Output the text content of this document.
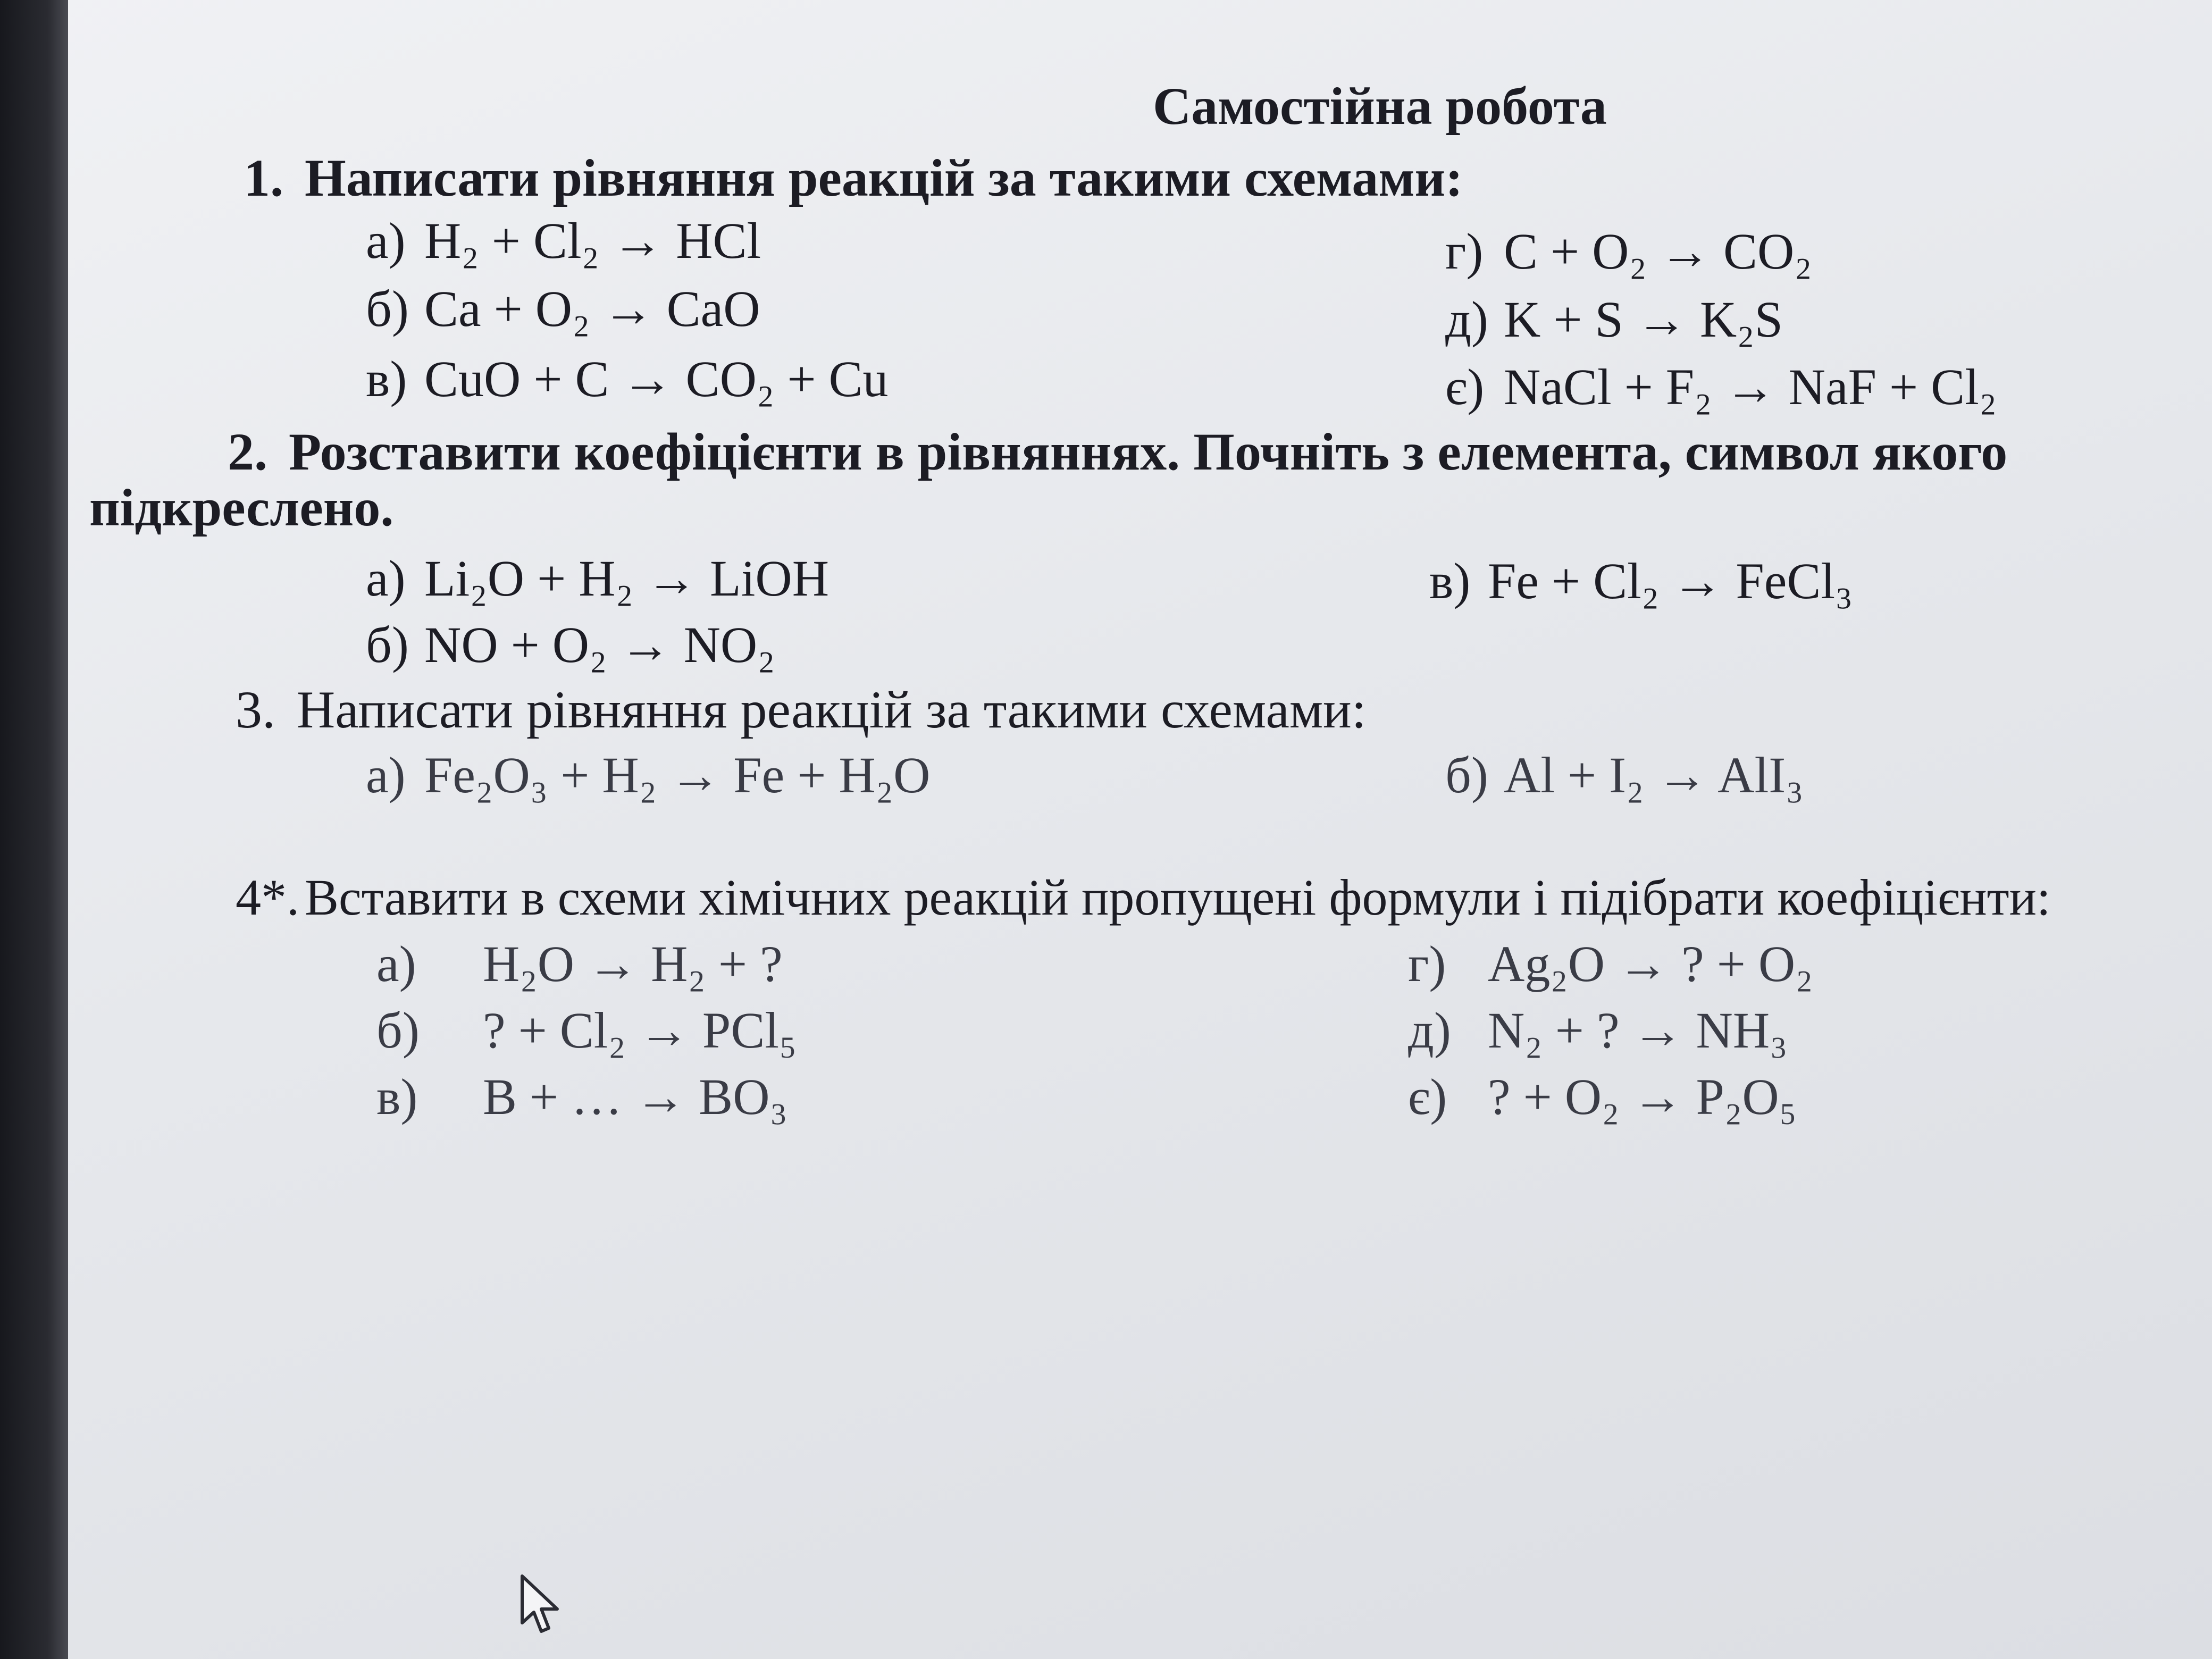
Самостійна робота
1. Написати рівняння реакцій за такими схемами:
а) H₂ + Cl₂ → HCl
б) Ca + O₂ → CaO
в) CuO + C → CO₂ + Cu
г) C + O₂ → CO₂
д) K + S → K₂S
є) NaCl + F₂ → NaF + Cl₂
2. Розставити коефіцієнти в рівняннях. Почніть з елемента, символ якого
підкреслено.
а) Li₂O + H₂ → LiOH
б) NO + O₂ → NO₂
в) Fe + Cl₂ → FeCl₃
3. Написати рівняння реакцій за такими схемами:
а) Fe₂O₃ + H₂ → Fe + H₂O	б) Al + I₂ → AlI₃
4*. Вставити в схеми хімічних реакцій пропущені формули і підібрати коефіцієнти:
а) H₂O → H₂ + ?
б) ? + Cl₂ → PCl₅
в) B + … → BO₃
г) Ag₂O → ? + O₂
д) N₂ + ? → NH₃
є) ? + O₂ → P₂O₅
